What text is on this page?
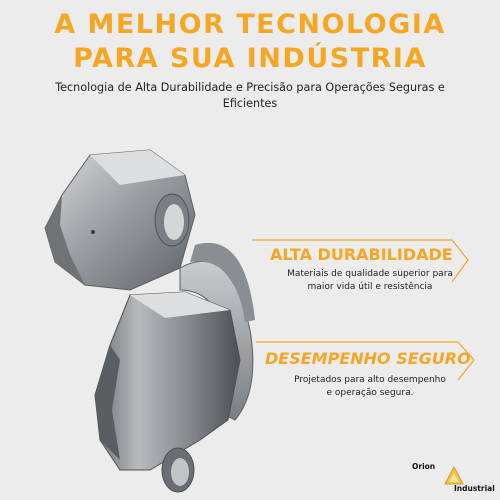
A MELHOR TECNOLOGIA
PARA SUA INDÚSTRIA
Tecnologia de Alta Durabilidade e Precisão para Operações Seguras e Eficientes
ALTA DURABILIDADE
Materiais de qualidade superior para
maior vida útil e resistência
DESEMPENHO SEGURO
Projetados para alto desempenho
e operação segura.
Orion
Industrial
